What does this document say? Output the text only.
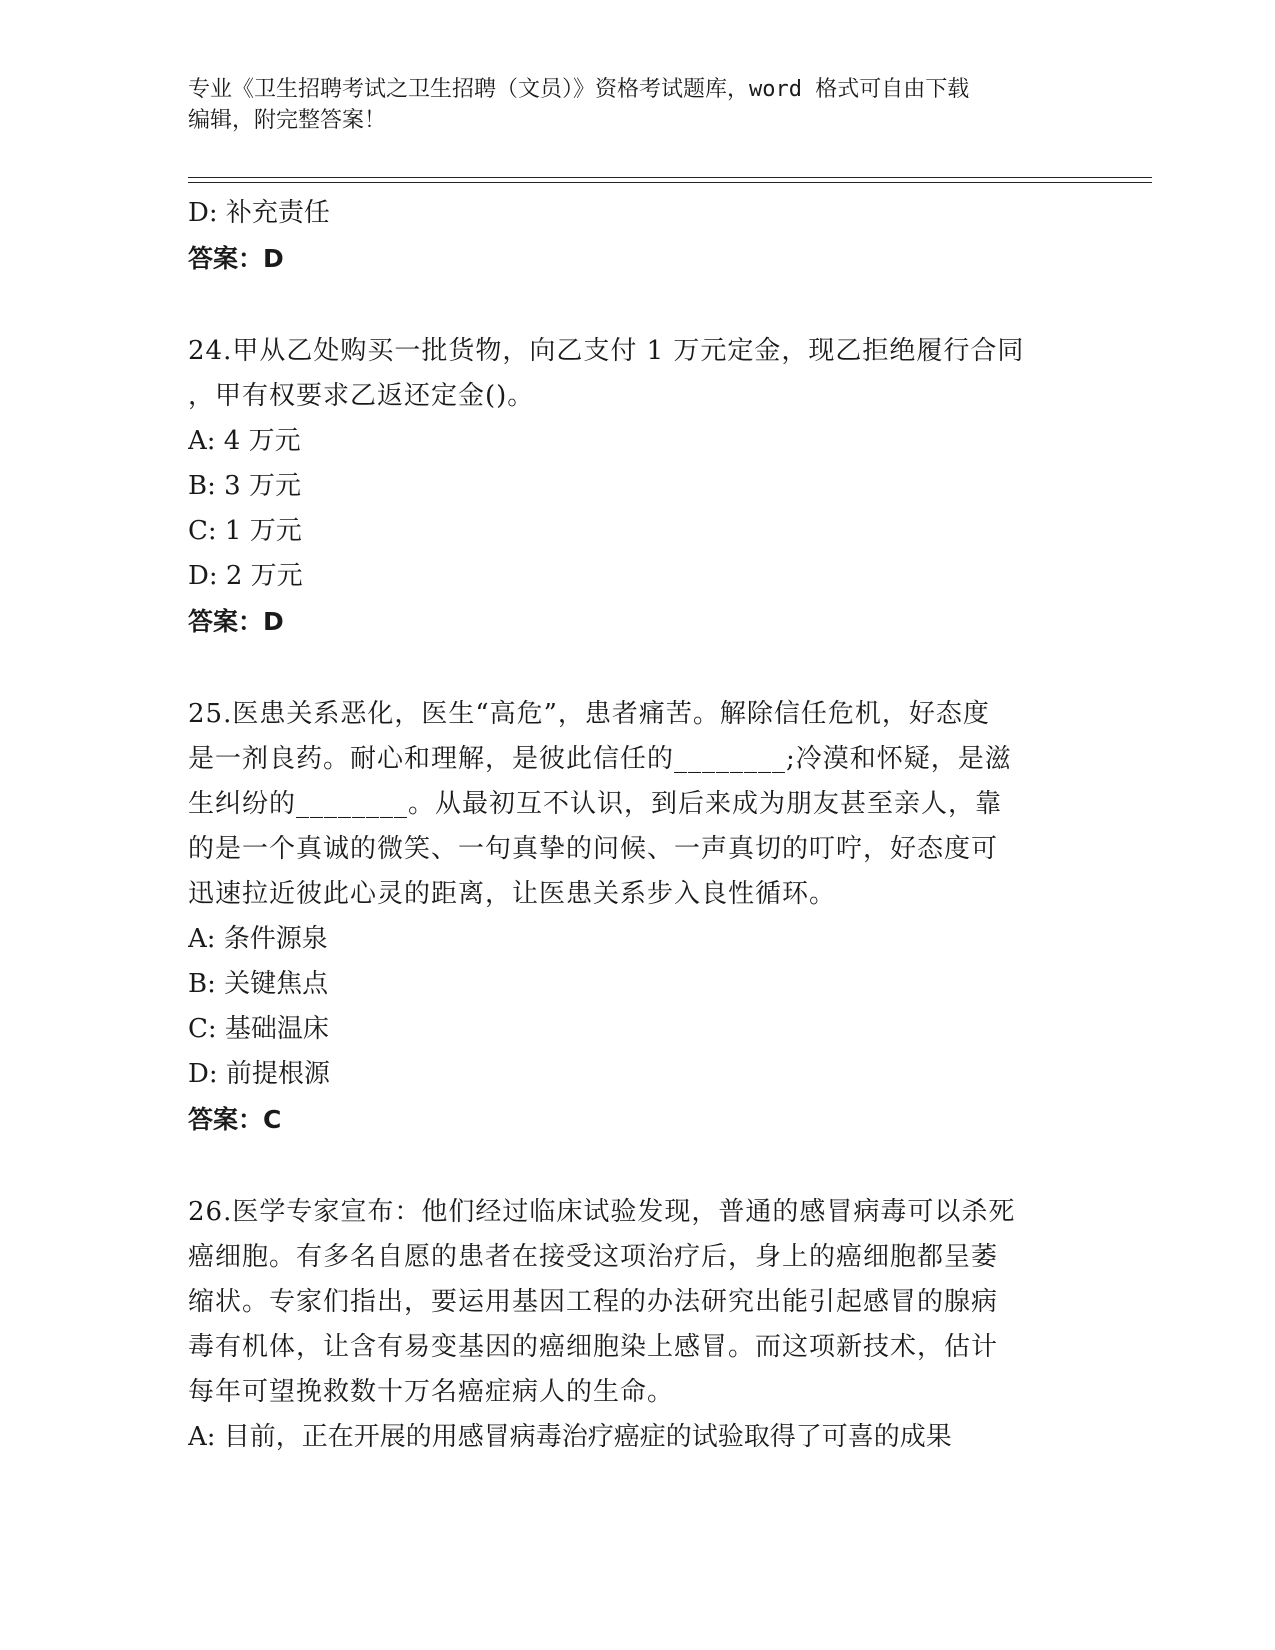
专业《卫生招聘考试之卫生招聘（文员）》资格考试题库，word 格式可自由下载
编辑，附完整答案！
D: 补充责任
答案：D
24.甲从乙处购买一批货物，向乙支付 1 万元定金，现乙拒绝履行合同
，甲有权要求乙返还定金()。
A: 4 万元
B: 3 万元
C: 1 万元
D: 2 万元
答案：D
25.医患关系恶化，医生“高危”，患者痛苦。解除信任危机，好态度
是一剂良药。耐心和理解，是彼此信任的________;冷漠和怀疑，是滋
生纠纷的________。从最初互不认识，到后来成为朋友甚至亲人，靠
的是一个真诚的微笑、一句真挚的问候、一声真切的叮咛，好态度可
迅速拉近彼此心灵的距离，让医患关系步入良性循环。
A: 条件源泉
B: 关键焦点
C: 基础温床
D: 前提根源
答案：C
26.医学专家宣布：他们经过临床试验发现，普通的感冒病毒可以杀死
癌细胞。有多名自愿的患者在接受这项治疗后，身上的癌细胞都呈萎
缩状。专家们指出，要运用基因工程的办法研究出能引起感冒的腺病
毒有机体，让含有易变基因的癌细胞染上感冒。而这项新技术，估计
每年可望挽救数十万名癌症病人的生命。
A: 目前，正在开展的用感冒病毒治疗癌症的试验取得了可喜的成果
